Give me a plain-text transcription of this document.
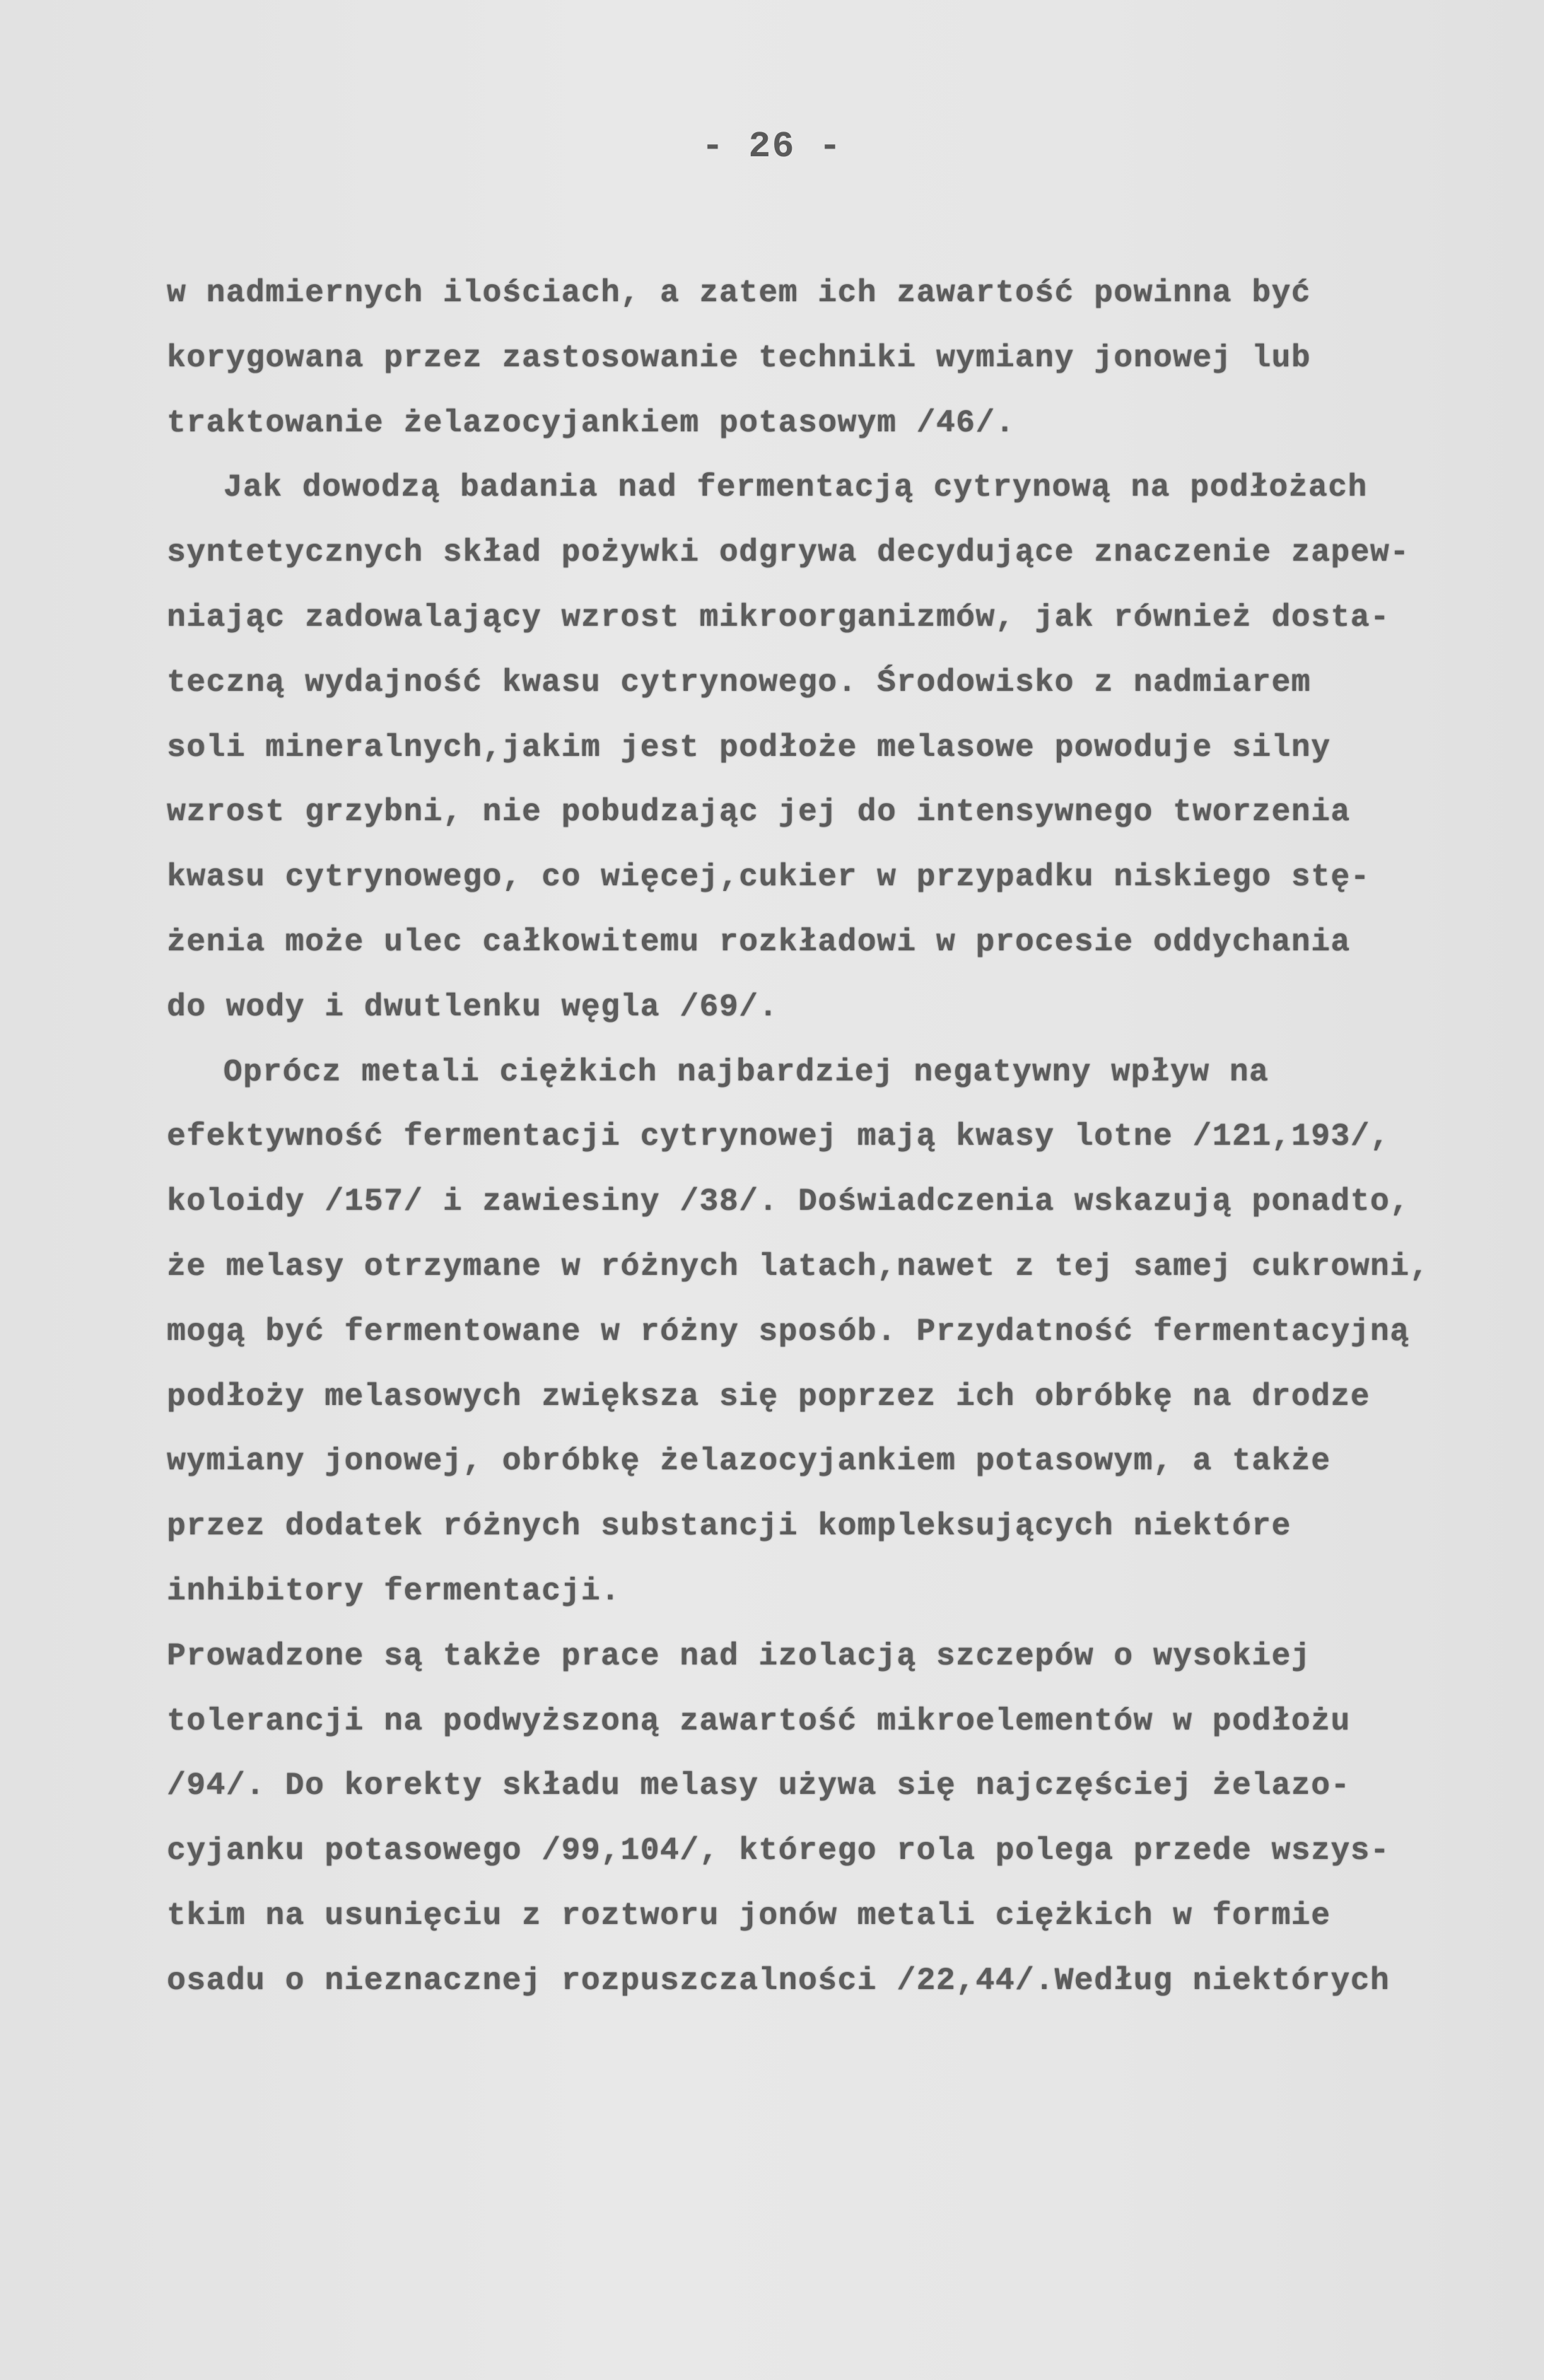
- 26 -
w nadmiernych ilościach, a zatem ich zawartość powinna być
korygowana przez zastosowanie techniki wymiany jonowej lub
traktowanie żelazocyjankiem potasowym /46/.
Jak dowodzą badania nad fermentacją cytrynową na podłożach
syntetycznych skład pożywki odgrywa decydujące znaczenie zapew-
niając zadowalający wzrost mikroorganizmów, jak również dosta-
teczną wydajność kwasu cytrynowego. Środowisko z nadmiarem
soli mineralnych,jakim jest podłoże melasowe powoduje silny
wzrost grzybni, nie pobudzając jej do intensywnego tworzenia
kwasu cytrynowego, co więcej,cukier w przypadku niskiego stę-
żenia może ulec całkowitemu rozkładowi w procesie oddychania
do wody i dwutlenku węgla /69/.
Oprócz metali ciężkich najbardziej negatywny wpływ na
efektywność fermentacji cytrynowej mają kwasy lotne /121,193/,
koloidy /157/ i zawiesiny /38/. Doświadczenia wskazują ponadto,
że melasy otrzymane w różnych latach,nawet z tej samej cukrowni,
mogą być fermentowane w różny sposób. Przydatność fermentacyjną
podłoży melasowych zwiększa się poprzez ich obróbkę na drodze
wymiany jonowej, obróbkę żelazocyjankiem potasowym, a także
przez dodatek różnych substancji kompleksujących niektóre
inhibitory fermentacji.
Prowadzone są także prace nad izolacją szczepów o wysokiej
tolerancji na podwyższoną zawartość mikroelementów w podłożu
/94/. Do korekty składu melasy używa się najczęściej żelazo-
cyjanku potasowego /99,104/, którego rola polega przede wszys-
tkim na usunięciu z roztworu jonów metali ciężkich w formie
osadu o nieznacznej rozpuszczalności /22,44/.Według niektórych
